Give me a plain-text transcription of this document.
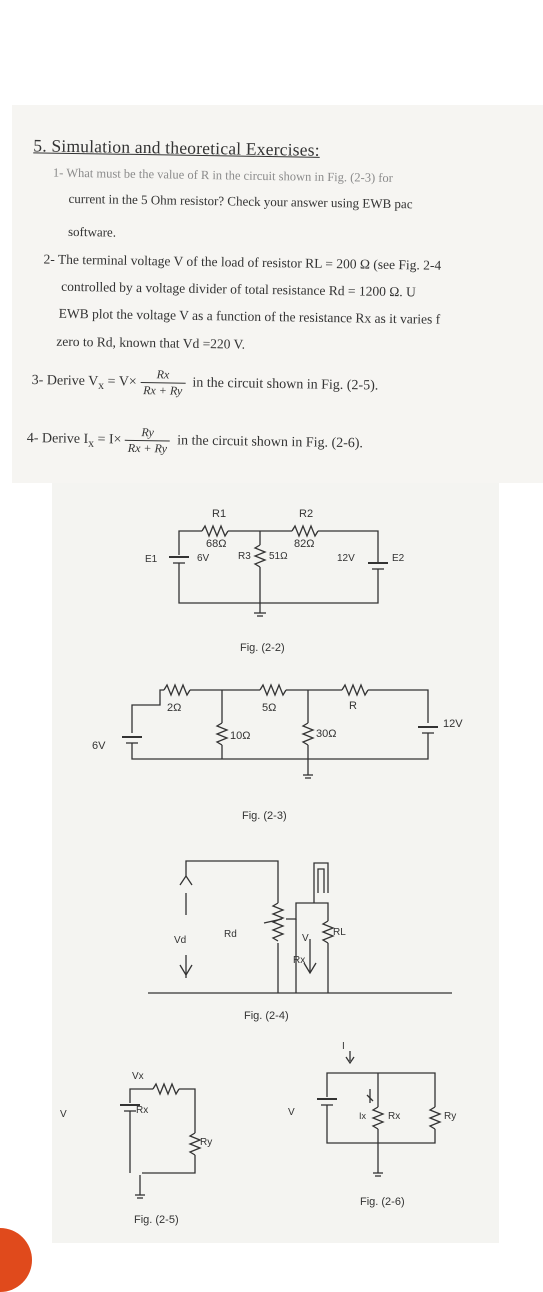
5. Simulation and theoretical Exercises:
1- What must be the value of R in the circuit shown in Fig. (2-3) for
current in the 5 Ohm resistor? Check your answer using EWB pac
software.
2- The terminal voltage V of the load of resistor RL = 200 Ω (see Fig. 2-4
controlled by a voltage divider of total resistance Rd = 1200 Ω. U
EWB plot the voltage V as a function of the resistance Rx as it varies f
zero to Rd, known that Vd =220 V.
3- Derive $V_x = V\times \frac{Rx}{Rx + Ry}$ in the circuit shown in Fig. (2-5).
4- Derive $I_x = I\times \frac{Ry}{Rx + Ry}$ in the circuit shown in Fig. (2-6).
R1
68Ω
R2
82Ω
R3 51Ω
E1	6V	12V	E2
Fig. (2-2)
2Ω	5Ω	R
10Ω	30Ω
6V
12V
Fig. (2-3)
Vd
Rd
Rx
V
RL
Fig. (2-4)
Vx
Rx
Ry
V
Fig. (2-5)
I
V	Ix Rx	Ry
Fig. (2-6)
